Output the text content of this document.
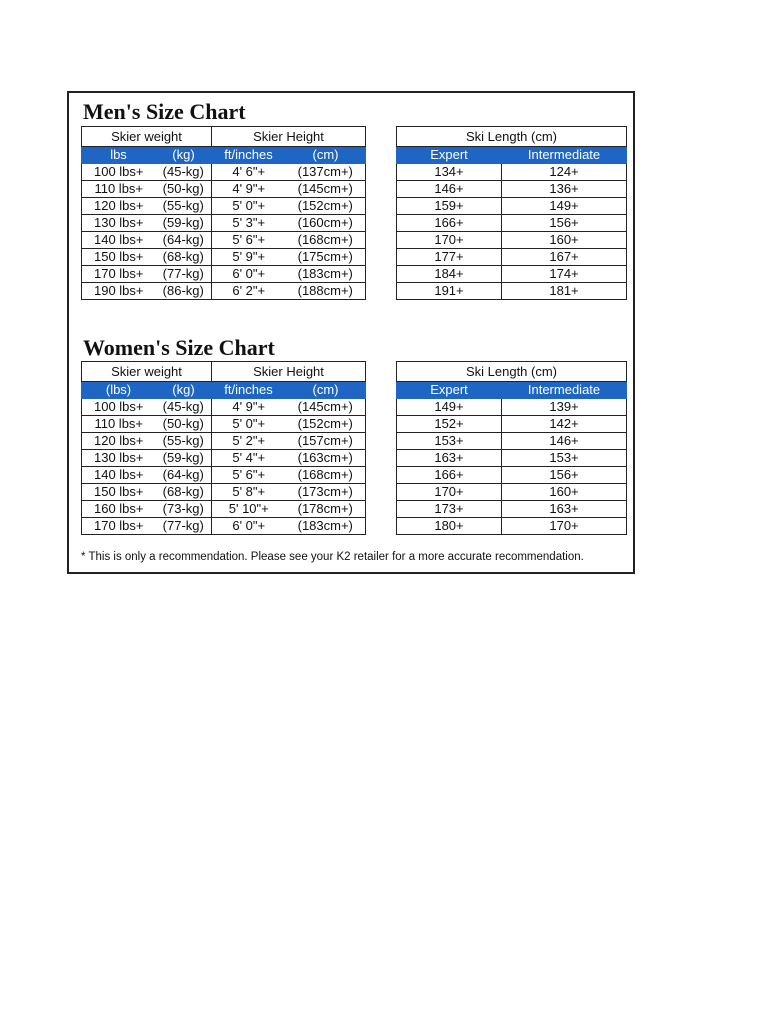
Men's Size Chart
Skier weight		Skier Height	
lbs	(kg)	ft/inches	(cm)
100 lbs+	(45-kg)	4' 6"+	(137cm+)
110 lbs+	(50-kg)	4' 9"+	(145cm+)
120 lbs+	(55-kg)	5' 0"+	(152cm+)
130 lbs+	(59-kg)	5' 3"+	(160cm+)
140 lbs+	(64-kg)	5' 6"+	(168cm+)
150 lbs+	(68-kg)	5' 9"+	(175cm+)
170 lbs+	(77-kg)	6' 0"+	(183cm+)
190 lbs+	(86-kg)	6' 2"+	(188cm+)
Ski Length (cm)	
Expert	Intermediate
134+	124+
146+	136+
159+	149+
166+	156+
170+	160+
177+	167+
184+	174+
191+	181+
Women's Size Chart
Skier weight		Skier Height	
(lbs)	(kg)	ft/inches	(cm)
100 lbs+	(45-kg)	4' 9"+	(145cm+)
110 lbs+	(50-kg)	5' 0"+	(152cm+)
120 lbs+	(55-kg)	5' 2"+	(157cm+)
130 lbs+	(59-kg)	5' 4"+	(163cm+)
140 lbs+	(64-kg)	5' 6"+	(168cm+)
150 lbs+	(68-kg)	5' 8"+	(173cm+)
160 lbs+	(73-kg)	5' 10"+	(178cm+)
170 lbs+	(77-kg)	6' 0"+	(183cm+)
Ski Length (cm)	
Expert	Intermediate
149+	139+
152+	142+
153+	146+
163+	153+
166+	156+
170+	160+
173+	163+
180+	170+
* This is only a recommendation. Please see your K2 retailer for a more accurate recommendation.
